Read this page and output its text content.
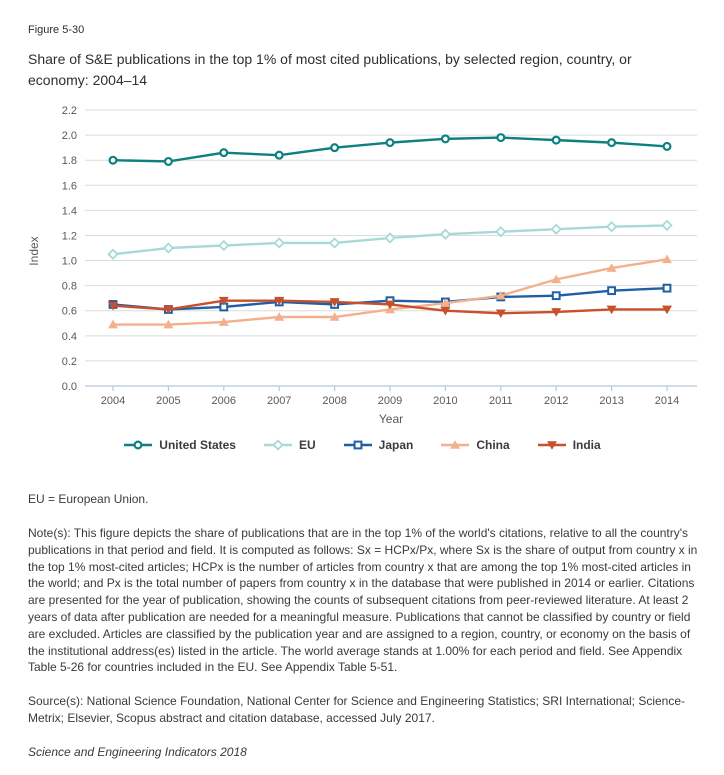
Figure 5-30
Share of S&E publications in the top 1% of most cited publications, by selected region, country, or economy: 2004–14
0.0
0.2
0.4
0.6
0.8
1.0
1.2
1.4
1.6
1.8
2.0
2.2
2004	2005	2006	2007	2008	2009	2010	2011	2012	2013	2014
Year
Index
United States	EU	Japan	China	India

EU = European Union.

Note(s): This figure depicts the share of publications that are in the top 1% of the world's citations, relative to all the country's publications in that period and field. It is computed as follows: Sx = HCPx/Px, where Sx is the share of output from country x in the top 1% most-cited articles; HCPx is the number of articles from country x that are among the top 1% most-cited articles in the world; and Px is the total number of papers from country x in the database that were published in 2014 or earlier. Citations are presented for the year of publication, showing the counts of subsequent citations from peer-reviewed literature. At least 2 years of data after publication are needed for a meaningful measure. Publications that cannot be classified by country or field are excluded. Articles are classified by the publication year and are assigned to a region, country, or economy on the basis of the institutional address(es) listed in the article. The world average stands at 1.00% for each period and field. See Appendix Table 5-26 for countries included in the EU. See Appendix Table 5-51.

Source(s): National Science Foundation, National Center for Science and Engineering Statistics; SRI International; Science-Metrix; Elsevier, Scopus abstract and citation database, accessed July 2017.

Science and Engineering Indicators 2018
